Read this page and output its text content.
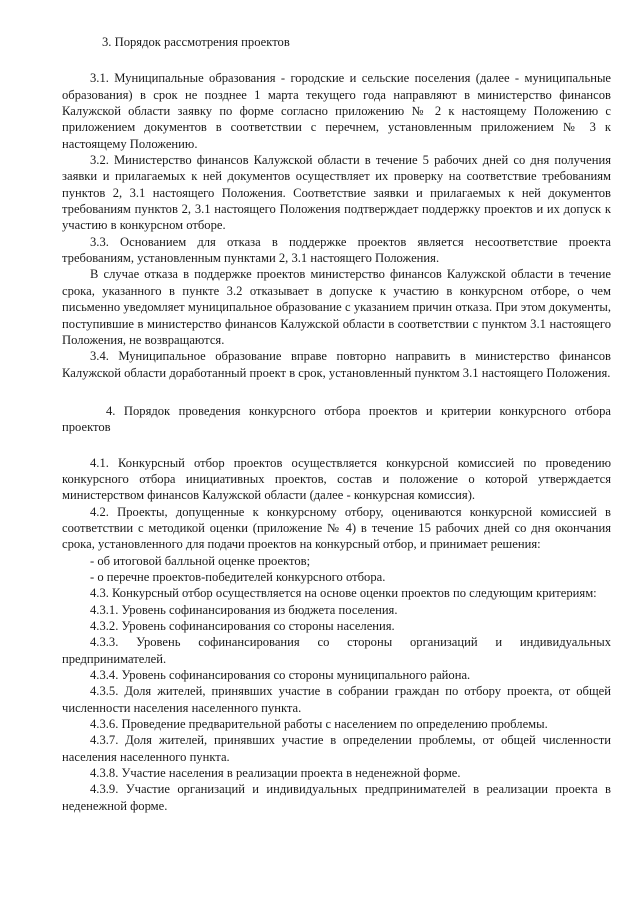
3. Порядок рассмотрения проектов

3.1. Муниципальные образования - городские и сельские поселения (далее - муниципальные образования) в срок не позднее 1 марта текущего года направляют в министерство финансов Калужской области заявку по форме согласно приложению № 2 к настоящему Положению с приложением документов в соответствии с перечнем, установленным приложением № 3 к настоящему Положению.

3.2. Министерство финансов Калужской области в течение 5 рабочих дней со дня получения заявки и прилагаемых к ней документов осуществляет их проверку на соответствие требованиям пунктов 2, 3.1 настоящего Положения. Соответствие заявки и прилагаемых к ней документов требованиям пунктов 2, 3.1 настоящего Положения подтверждает поддержку проектов и их допуск к участию в конкурсном отборе.

3.3. Основанием для отказа в поддержке проектов является несоответствие проекта требованиям, установленным пунктами 2, 3.1 настоящего Положения.

В случае отказа в поддержке проектов министерство финансов Калужской области в течение срока, указанного в пункте 3.2 отказывает в допуске к участию в конкурсном отборе, о чем письменно уведомляет муниципальное образование с указанием причин отказа. При этом документы, поступившие в министерство финансов Калужской области в соответствии с пунктом 3.1 настоящего Положения, не возвращаются.

3.4. Муниципальное образование вправе повторно направить в министерство финансов Калужской области доработанный проект в срок, установленный пунктом 3.1 настоящего Положения.

4. Порядок проведения конкурсного отбора проектов и критерии конкурсного отбора проектов

4.1. Конкурсный отбор проектов осуществляется конкурсной комиссией по проведению конкурсного отбора инициативных проектов, состав и положение о которой утверждается министерством финансов Калужской области (далее - конкурсная комиссия).

4.2. Проекты, допущенные к конкурсному отбору, оцениваются конкурсной комиссией в соответствии с методикой оценки (приложение № 4) в течение 15 рабочих дней со дня окончания срока, установленного для подачи проектов на конкурсный отбор, и принимает решения:

- об итоговой балльной оценке проектов;

- о перечне проектов-победителей конкурсного отбора.

4.3. Конкурсный отбор осуществляется на основе оценки проектов по следующим критериям:

4.3.1. Уровень софинансирования из бюджета поселения.

4.3.2. Уровень софинансирования со стороны населения.

4.3.3. Уровень софинансирования со стороны организаций и индивидуальных предпринимателей.

4.3.4. Уровень софинансирования со стороны муниципального района.

4.3.5. Доля жителей, принявших участие в собрании граждан по отбору проекта, от общей численности населения населенного пункта.

4.3.6. Проведение предварительной работы с населением по определению проблемы.

4.3.7. Доля жителей, принявших участие в определении проблемы, от общей численности населения населенного пункта.

4.3.8. Участие населения в реализации проекта в неденежной форме.

4.3.9. Участие организаций и индивидуальных предпринимателей в реализации проекта в неденежной форме.
